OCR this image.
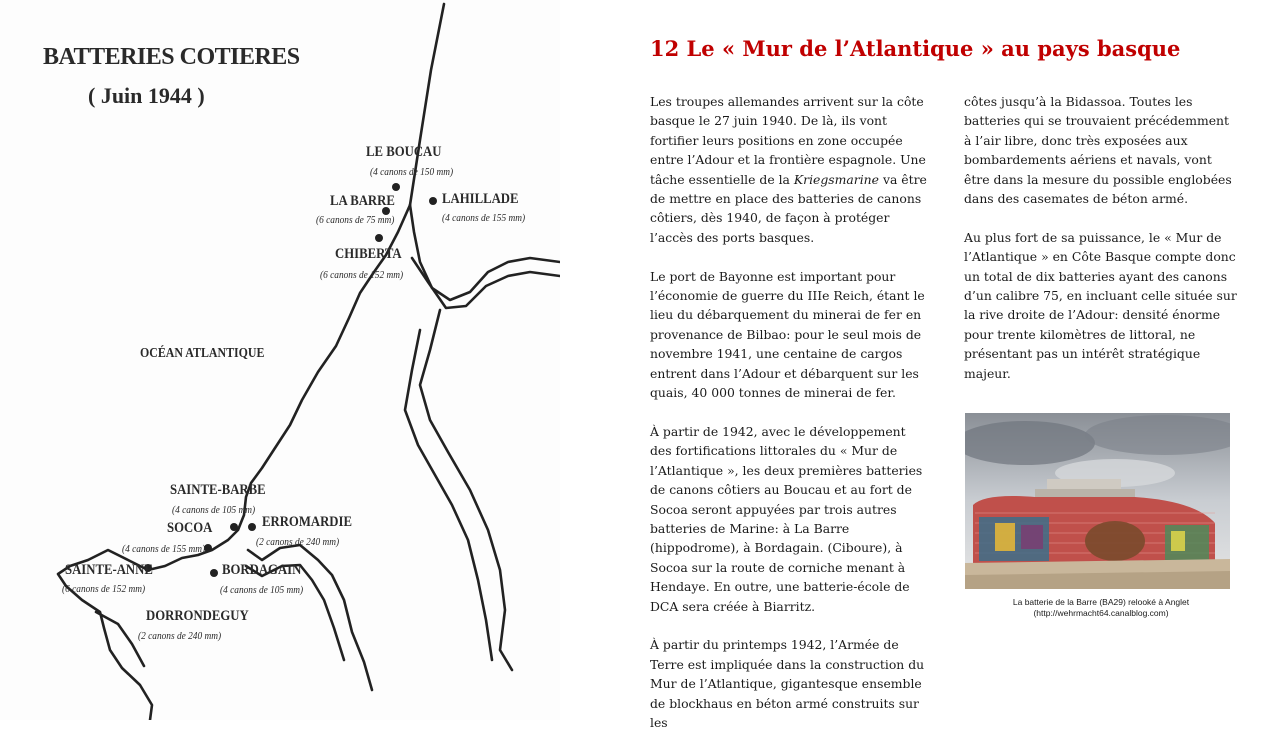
BATTERIES COTIERES
( Juin 1944 )
OCÉAN ATLANTIQUE
LE BOUCAU
(4 canons de 150 mm)
LA BARRE
(6 canons de 75 mm)
LAHILLADE
(4 canons de 155 mm)
CHIBERTA
(6 canons de 152 mm)
SAINTE-BARBE
(4 canons de 105 mm)
SOCOA
(4 canons de 155 mm)
ERROMARDIE
(2 canons de 240 mm)
SAINTE-ANNE
(6 canons de 152 mm)
BORDAGAIN
(4 canons de 105 mm)
DORRONDEGUY
(2 canons de 240 mm)
12 Le « Mur de l’Atlantique » au pays basque

Les troupes allemandes arrivent sur la côte basque le 27 juin 1940. De là, ils vont fortifier leurs positions en zone occupée entre l’Adour et la frontière espagnole. Une tâche essentielle de la Kriegsmarine va être de mettre en place des batteries de canons côtiers, dès 1940, de façon à protéger l’accès des ports basques.

Le port de Bayonne est important pour l’économie de guerre du IIIe Reich, étant le lieu du débarquement du minerai de fer en provenance de Bilbao: pour le seul mois de novembre 1941, une centaine de cargos entrent dans l’Adour et débarquent sur les quais, 40 000 tonnes de minerai de fer.

À partir de 1942, avec le développement des fortifications littorales du « Mur de l’Atlantique », les deux premières batteries de canons côtiers au Boucau et au fort de Socoa seront appuyées par trois autres batteries de Marine: à La Barre (hippodrome), à Bordagain. (Ciboure), à Socoa sur la route de corniche menant à Hendaye. En outre, une batterie-école de DCA sera créée à Biarritz.

À partir du printemps 1942, l’Armée de Terre est impliquée dans la construction du Mur de l’Atlantique, gigantesque ensemble de blockhaus en béton armé construits sur les

côtes jusqu’à la Bidassoa. Toutes les batteries qui se trouvaient précédemment à l’air libre, donc très exposées aux bombardements aériens et navals, vont être dans la mesure du possible englobées dans des casemates de béton armé.

Au plus fort de sa puissance, le « Mur de l’Atlantique » en Côte Basque compte donc un total de dix batteries ayant des canons d’un calibre 75, en incluant celle située sur la rive droite de l’Adour: densité énorme pour trente kilomètres de littoral, ne présentant pas un intérêt stratégique majeur.

La batterie de la Barre (BA29) relooké à Anglet
(http://wehrmacht64.canalblog.com)
